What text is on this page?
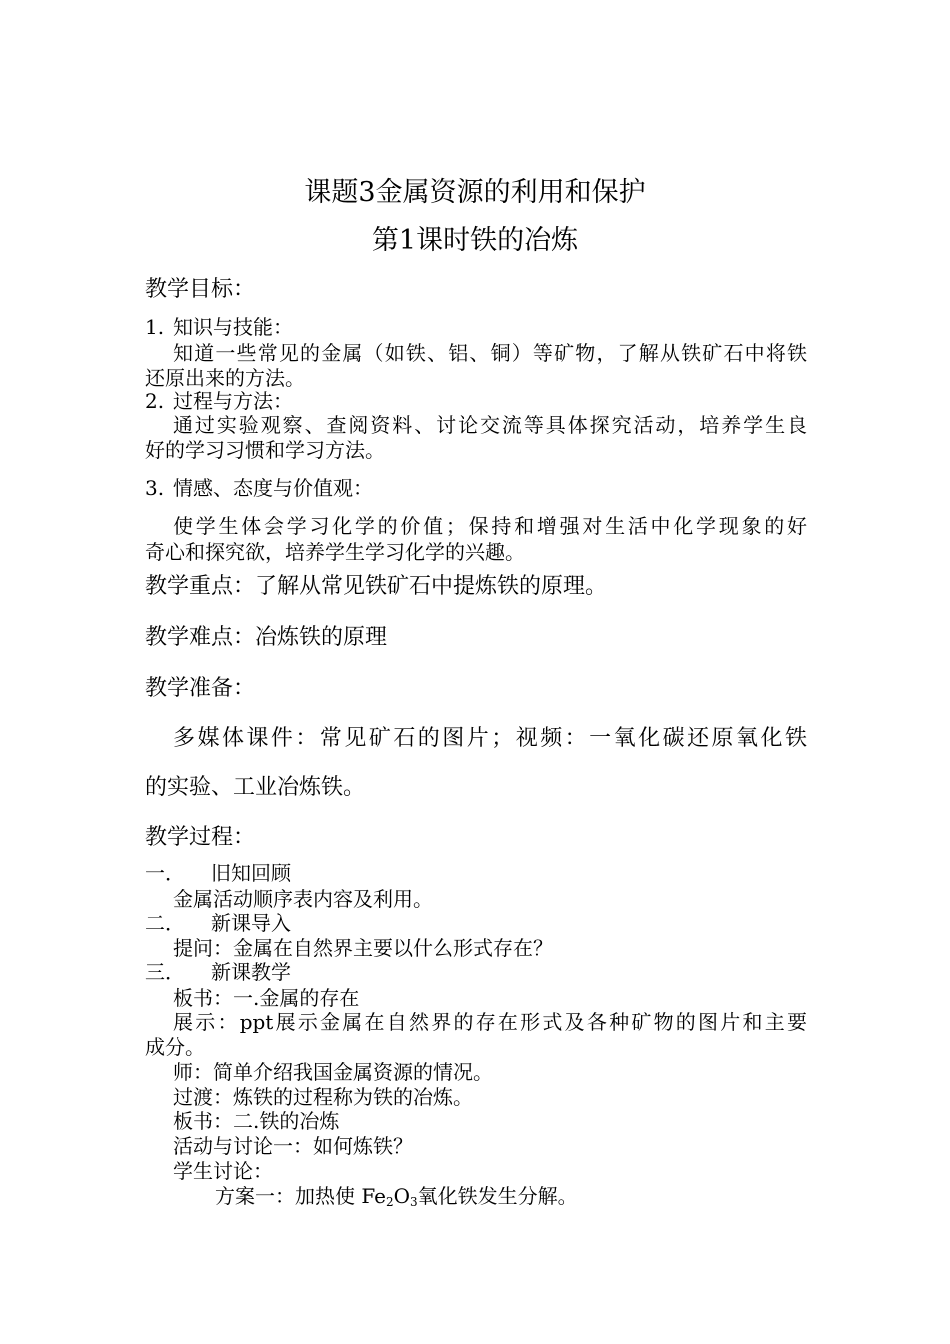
课题3金属资源的利用和保护
第1课时铁的冶炼
教学目标：
1. 知识与技能：
知道一些常见的金属（如铁、铝、铜）等矿物，了解从铁矿石中将铁
还原出来的方法。
2. 过程与方法：
通过实验观察、查阅资料、讨论交流等具体探究活动，培养学生良
好的学习习惯和学习方法。
3. 情感、态度与价值观：
使学生体会学习化学的价值；保持和增强对生活中化学现象的好
奇心和探究欲，培养学生学习化学的兴趣。
教学重点：了解从常见铁矿石中提炼铁的原理。
教学难点：冶炼铁的原理
教学准备：
多媒体课件：常见矿石的图片；视频：一氧化碳还原氧化铁
的实验、工业冶炼铁。
教学过程：
一． 旧知回顾
金属活动顺序表内容及利用。
二． 新课导入
提问：金属在自然界主要以什么形式存在？
三． 新课教学
板书：一.金属的存在
展示：ppt展示金属在自然界的存在形式及各种矿物的图片和主要
成分。
师：简单介绍我国金属资源的情况。
过渡：炼铁的过程称为铁的冶炼。
板书：二.铁的冶炼
活动与讨论一：如何炼铁？
学生讨论：
方案一：加热使 $Fe_2O_3$氧化铁发生分解。
